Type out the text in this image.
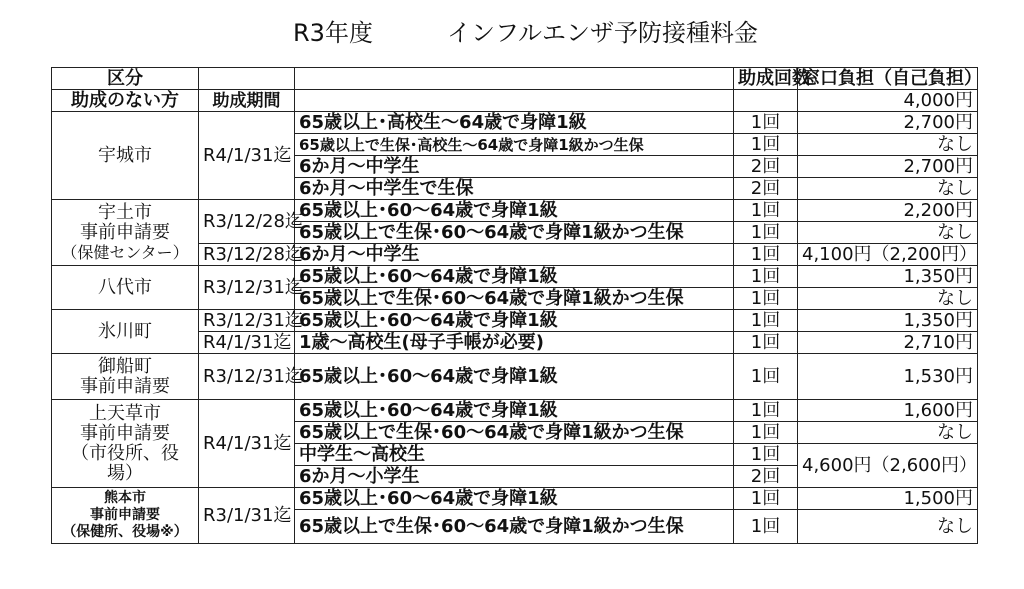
R3年度	インフルエンザ予防接種料金
区分			助成回数	窓口負担（自己負担）
助成のない方	助成期間			4,000円
宇城市	R4/1/31迄	65歳以上･高校生～64歳で身障1級	1回	2,700円
		65歳以上で生保･高校生～64歳で身障1級かつ生保	1回	なし
		6か月～中学生	2回	2,700円
		6か月～中学生で生保	2回	なし

宇土市
事前申請要
（保健センター）	R3/12/28迄	65歳以上･60～64歳で身障1級	1回	2,200円
		65歳以上で生保･60～64歳で身障1級かつ生保	1回	なし
	R3/12/28迄	6か月～中学生	1回	4,100円（2,200円）
八代市	R3/12/31迄	65歳以上･60～64歳で身障1級	1回	1,350円
		65歳以上で生保･60～64歳で身障1級かつ生保	1回	なし
氷川町	R3/12/31迄	65歳以上･60～64歳で身障1級	1回	1,350円
	R4/1/31迄	1歳～高校生(母子手帳が必要)	1回	2,710円

御船町
事前申請要	R3/12/31迄	65歳以上･60～64歳で身障1級	1回	1,530円

上天草市
事前申請要
（市役所、役
場）	R4/1/31迄	65歳以上･60～64歳で身障1級	1回	1,600円
		65歳以上で生保･60～64歳で身障1級かつ生保	1回	なし
		中学生～高校生	1回	4,600円（2,600円）
		6か月～小学生	2回	

熊本市
事前申請要
（保健所、役場※）	R3/1/31迄	65歳以上･60～64歳で身障1級	1回	1,500円
		65歳以上で生保･60～64歳で身障1級かつ生保	1回	なし
